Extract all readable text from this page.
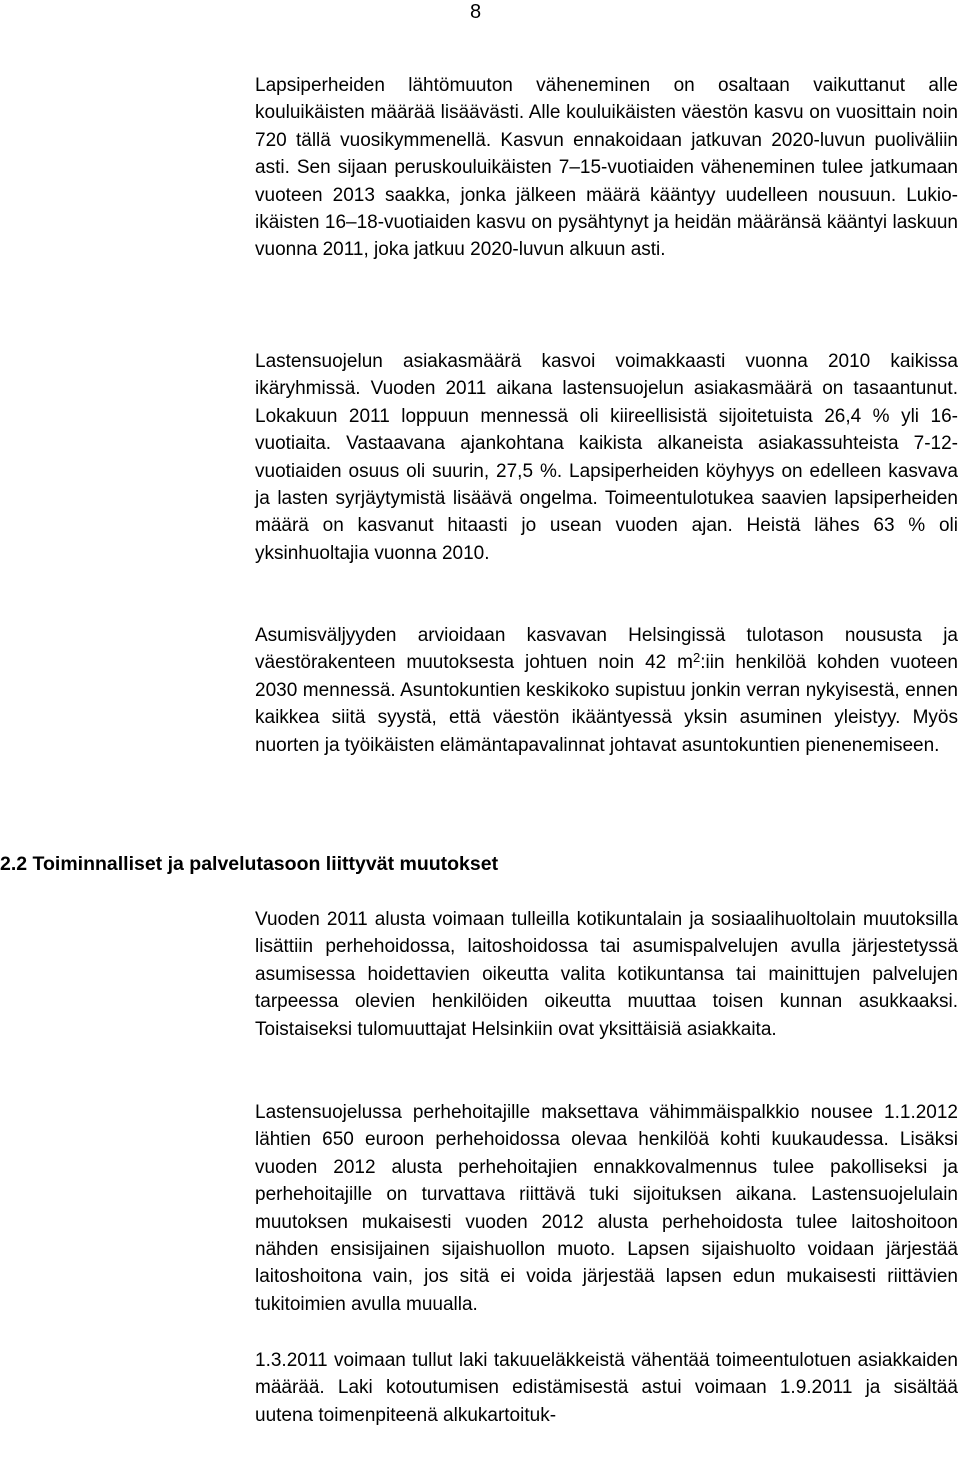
8

Lapsiperheiden lähtömuuton väheneminen on osaltaan vaikuttanut alle kouluikäisten määrää lisäävästi. Alle kouluikäisten väestön kasvu on vuosittain noin 720 tällä vuosikymmenellä. Kasvun ennakoidaan jatkuvan 2020-luvun puoliväliin asti. Sen sijaan peruskouluikäisten 7–15-vuotiaiden väheneminen tulee jatkumaan vuoteen 2013 saakka, jonka jälkeen määrä kääntyy uudelleen nousuun. Lukio-ikäisten 16–18-vuotiaiden kasvu on pysähtynyt ja heidän määränsä kääntyi laskuun vuonna 2011, joka jatkuu 2020-luvun alkuun asti.

Lastensuojelun asiakasmäärä kasvoi voimakkaasti vuonna 2010 kaikissa ikäryhmissä. Vuoden 2011 aikana lastensuojelun asiakasmäärä on tasaantunut. Lokakuun 2011 loppuun mennessä oli kiireellisistä sijoitetuista 26,4 % yli 16-vuotiaita. Vastaavana ajankohtana kaikista alkaneista asiakassuhteista 7-12-vuotiaiden osuus oli suurin, 27,5 %. Lapsiperheiden köyhyys on edelleen kasvava ja lasten syrjäytymistä lisäävä ongelma. Toimeentulotukea saavien lapsiperheiden määrä on kasvanut hitaasti jo usean vuoden ajan. Heistä lähes 63 % oli yksinhuoltajia vuonna 2010.

Asumisväljyyden arvioidaan kasvavan Helsingissä tulotason noususta ja väestörakenteen muutoksesta johtuen noin 42 $m^2:iin$ henkilöä kohden vuoteen 2030 mennessä. Asuntokuntien keskikoko supistuu jonkin verran nykyisestä, ennen kaikkea siitä syystä, että väestön ikääntyessä yksin asuminen yleistyy. Myös nuorten ja työikäisten elämäntapavalinnat johtavat asuntokuntien pienenemiseen.

2.2 Toiminnalliset ja palvelutasoon liittyvät muutokset

Vuoden 2011 alusta voimaan tulleilla kotikuntalain ja sosiaalihuoltolain muutoksilla lisättiin perhehoidossa, laitoshoidossa tai asumispalvelujen avulla järjestetyssä asumisessa hoidettavien oikeutta valita kotikuntansa tai mainittujen palvelujen tarpeessa olevien henkilöiden oikeutta muuttaa toisen kunnan asukkaaksi. Toistaiseksi tulomuuttajat Helsinkiin ovat yksittäisiä asiakkaita.

Lastensuojelussa perhehoitajille maksettava vähimmäispalkkio nousee 1.1.2012 lähtien 650 euroon perhehoidossa olevaa henkilöä kohti kuukaudessa. Lisäksi vuoden 2012 alusta perhehoitajien ennakkovalmennus tulee pakolliseksi ja perhehoitajille on turvattava riittävä tuki sijoituksen aikana. Lastensuojelulain muutoksen mukaisesti vuoden 2012 alusta perhehoidosta tulee laitoshoitoon nähden ensisijainen sijaishuollon muoto. Lapsen sijaishuolto voidaan järjestää laitoshoitona vain, jos sitä ei voida järjestää lapsen edun mukaisesti riittävien tukitoimien avulla muualla.

1.3.2011 voimaan tullut laki takuueläkkeistä vähentää toimeentulotuen asiakkaiden määrää. Laki kotoutumisen edistämisestä astui voimaan 1.9.2011 ja sisältää uutena toimenpiteenä alkukartoituk-
